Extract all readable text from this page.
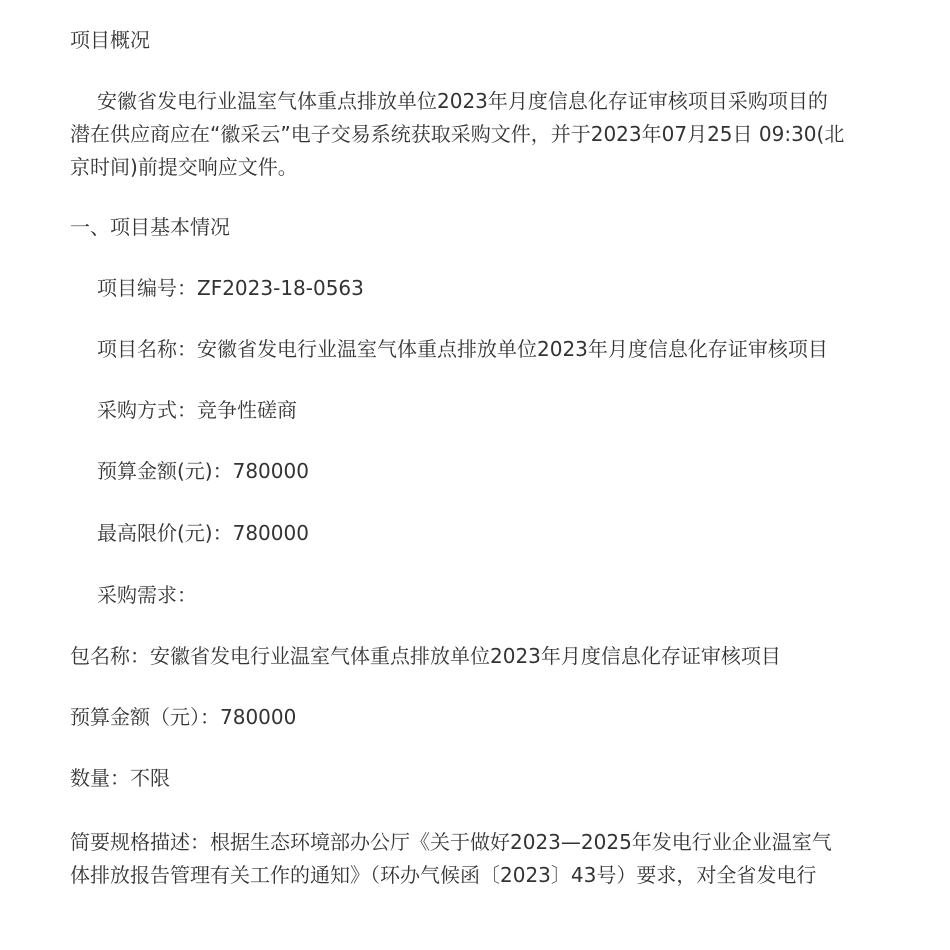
项目概况
安徽省发电行业温室气体重点排放单位2023年月度信息化存证审核项目采购项目的
潜在供应商应在“徽采云”电子交易系统获取采购文件，并于2023年07月25日 09:30(北
京时间)前提交响应文件。
一、项目基本情况
项目编号：ZF2023-18-0563
项目名称：安徽省发电行业温室气体重点排放单位2023年月度信息化存证审核项目
采购方式：竞争性磋商
预算金额(元)：780000
最高限价(元)：780000
采购需求：
包名称：安徽省发电行业温室气体重点排放单位2023年月度信息化存证审核项目
预算金额（元）：780000
数量：不限
简要规格描述：根据生态环境部办公厅《关于做好2023—2025年发电行业企业温室气
体排放报告管理有关工作的通知》（环办气候函〔2023〕43号）要求，对全省发电行
